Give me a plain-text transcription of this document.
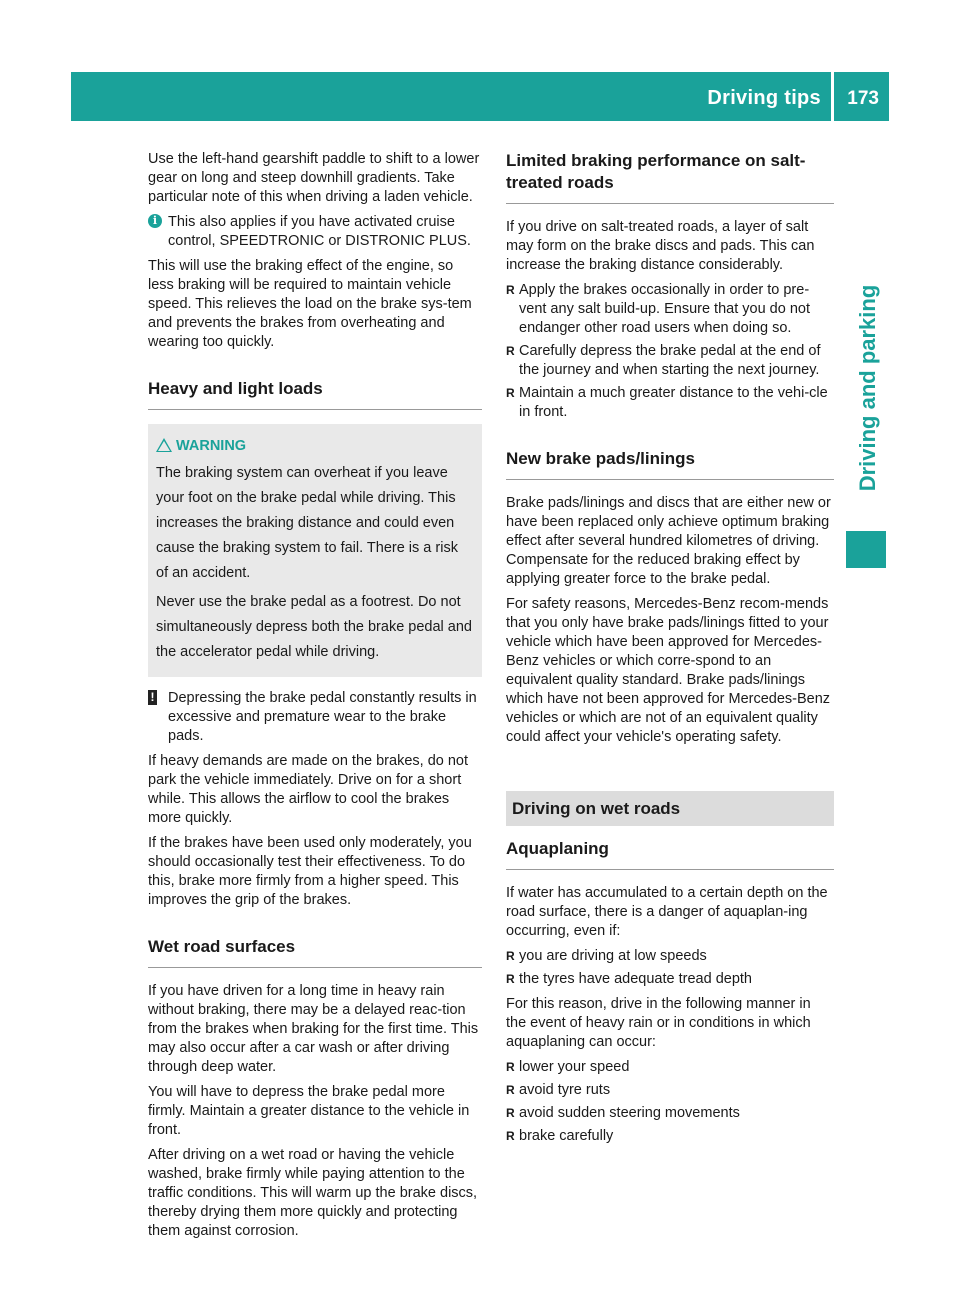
Driving tips 173
Driving and parking

Use the left-hand gearshift paddle to shift to a lower gear on long and steep downhill gradients. Take particular note of this when driving a laden vehicle.

i This also applies if you have activated cruise control, SPEEDTRONIC or DISTRONIC PLUS.

This will use the braking effect of the engine, so less braking will be required to maintain vehicle speed. This relieves the load on the brake sys-tem and prevents the brakes from overheating and wearing too quickly.

Heavy and light loads
WARNING

The braking system can overheat if you leave your foot on the brake pedal while driving. This increases the braking distance and could even cause the braking system to fail. There is a risk of an accident.

Never use the brake pedal as a footrest. Do not simultaneously depress both the brake pedal and the accelerator pedal while driving.

! Depressing the brake pedal constantly results in excessive and premature wear to the brake pads.

If heavy demands are made on the brakes, do not park the vehicle immediately. Drive on for a short while. This allows the airflow to cool the brakes more quickly.

If the brakes have been used only moderately, you should occasionally test their effectiveness. To do this, brake more firmly from a higher speed. This improves the grip of the brakes.

Wet road surfaces

If you have driven for a long time in heavy rain without braking, there may be a delayed reac-tion from the brakes when braking for the first time. This may also occur after a car wash or after driving through deep water.

You will have to depress the brake pedal more firmly. Maintain a greater distance to the vehicle in front.

After driving on a wet road or having the vehicle washed, brake firmly while paying attention to the traffic conditions. This will warm up the brake discs, thereby drying them more quickly and protecting them against corrosion.

Limited braking performance on salt-treated roads

If you drive on salt-treated roads, a layer of salt may form on the brake discs and pads. This can increase the braking distance considerably.

R Apply the brakes occasionally in order to pre-vent any salt build-up. Ensure that you do not endanger other road users when doing so.
R Carefully depress the brake pedal at the end of the journey and when starting the next journey.
R Maintain a much greater distance to the vehi-cle in front.
New brake pads/linings

Brake pads/linings and discs that are either new or have been replaced only achieve optimum braking effect after several hundred kilometres of driving. Compensate for the reduced braking effect by applying greater force to the brake pedal.

For safety reasons, Mercedes-Benz recom-mends that you only have brake pads/linings fitted to your vehicle which have been approved for Mercedes-Benz vehicles or which corre-spond to an equivalent quality standard. Brake pads/linings which have not been approved for Mercedes-Benz vehicles or which are not of an equivalent quality could affect your vehicle's operating safety.

Driving on wet roads
Aquaplaning

If water has accumulated to a certain depth on the road surface, there is a danger of aquaplan-ing occurring, even if:

R you are driving at low speeds
R the tyres have adequate tread depth

For this reason, drive in the following manner in the event of heavy rain or in conditions in which aquaplaning can occur:

R lower your speed
R avoid tyre ruts
R avoid sudden steering movements
R brake carefully
